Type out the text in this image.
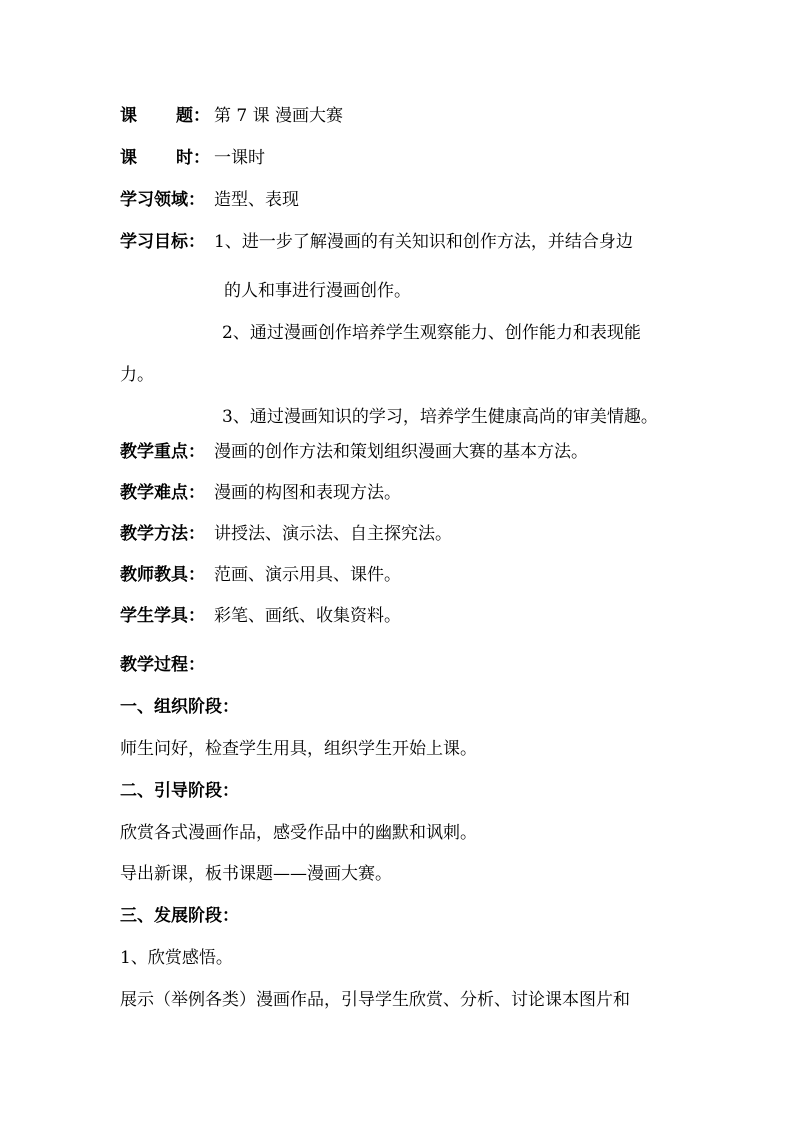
课 题： 第 7 课 漫画大赛
课 时： 一课时
学习领域： 造型、表现
学习目标： 1、进一步了解漫画的有关知识和创作方法，并结合身边
的人和事进行漫画创作。
2、通过漫画创作培养学生观察能力、创作能力和表现能
力。
3、通过漫画知识的学习，培养学生健康高尚的审美情趣。
教学重点： 漫画的创作方法和策划组织漫画大赛的基本方法。
教学难点： 漫画的构图和表现方法。
教学方法： 讲授法、演示法、自主探究法。
教师教具： 范画、演示用具、课件。
学生学具： 彩笔、画纸、收集资料。
教学过程：
一、组织阶段：
师生问好，检查学生用具，组织学生开始上课。
二、引导阶段：
欣赏各式漫画作品，感受作品中的幽默和讽刺。
导出新课，板书课题——漫画大赛。
三、发展阶段：
1、欣赏感悟。
展示（举例各类）漫画作品，引导学生欣赏、分析、讨论课本图片和
